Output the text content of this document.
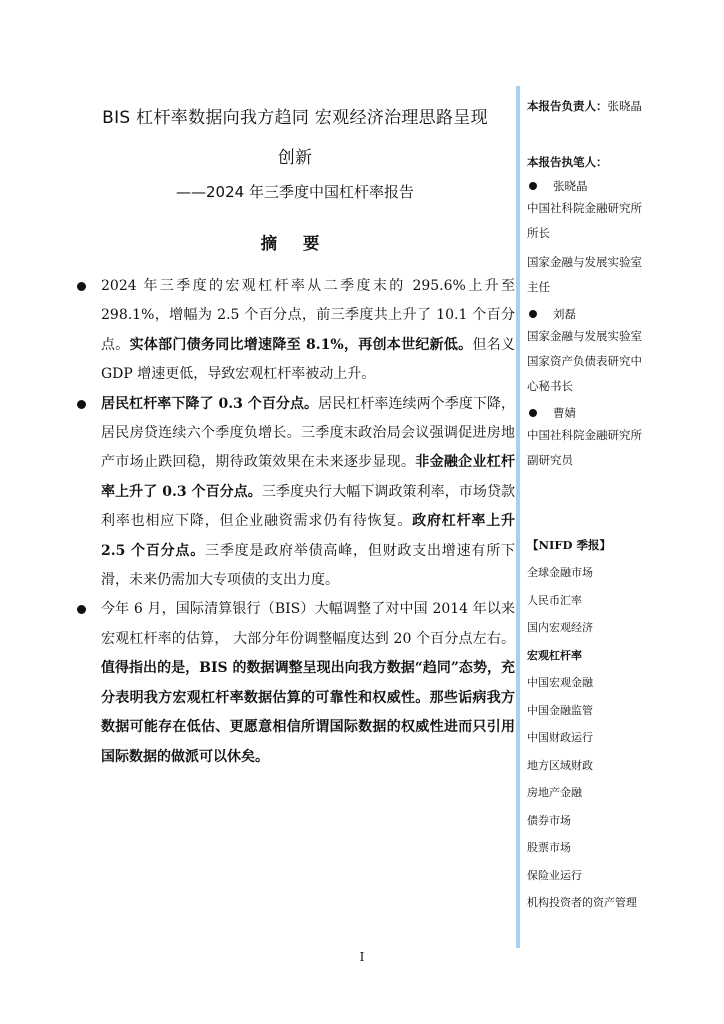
BIS 杠杆率数据向我方趋同 宏观经济治理思路呈现
创新
——2024 年三季度中国杠杆率报告
摘 要
2024 年三季度的宏观杠杆率从二季度末的 295.6%上升至 298.1%，增幅为 2.5 个百分点，前三季度共上升了 10.1 个百分点。实体部门债务同比增速降至 8.1%，再创本世纪新低。但名义 GDP 增速更低，导致宏观杠杆率被动上升。
居民杠杆率下降了 0.3 个百分点。居民杠杆率连续两个季度下降，居民房贷连续六个季度负增长。三季度末政治局会议强调促进房地产市场止跌回稳，期待政策效果在未来逐步显现。非金融企业杠杆率上升了 0.3 个百分点。三季度央行大幅下调政策利率，市场贷款利率也相应下降，但企业融资需求仍有待恢复。政府杠杆率上升 2.5 个百分点。三季度是政府举债高峰，但财政支出增速有所下滑，未来仍需加大专项债的支出力度。
今年 6 月，国际清算银行（BIS）大幅调整了对中国 2014 年以来宏观杠杆率的估算， 大部分年份调整幅度达到 20 个百分点左右。值得指出的是，BIS 的数据调整呈现出向我方数据“趋同”态势，充分表明我方宏观杠杆率数据估算的可靠性和权威性。那些诟病我方数据可能存在低估、更愿意相信所谓国际数据的权威性进而只引用国际数据的做派可以休矣。
本报告负责人：张晓晶
本报告执笔人：
张晓晶
中国社科院金融研究所
所长
国家金融与发展实验室
主任
刘磊
国家金融与发展实验室
国家资产负债表研究中
心秘书长
曹婧
中国社科院金融研究所
副研究员
【NIFD 季报】
全球金融市场
人民币汇率
国内宏观经济
宏观杠杆率
中国宏观金融
中国金融监管
中国财政运行
地方区域财政
房地产金融
债券市场
股票市场
保险业运行
机构投资者的资产管理
I
